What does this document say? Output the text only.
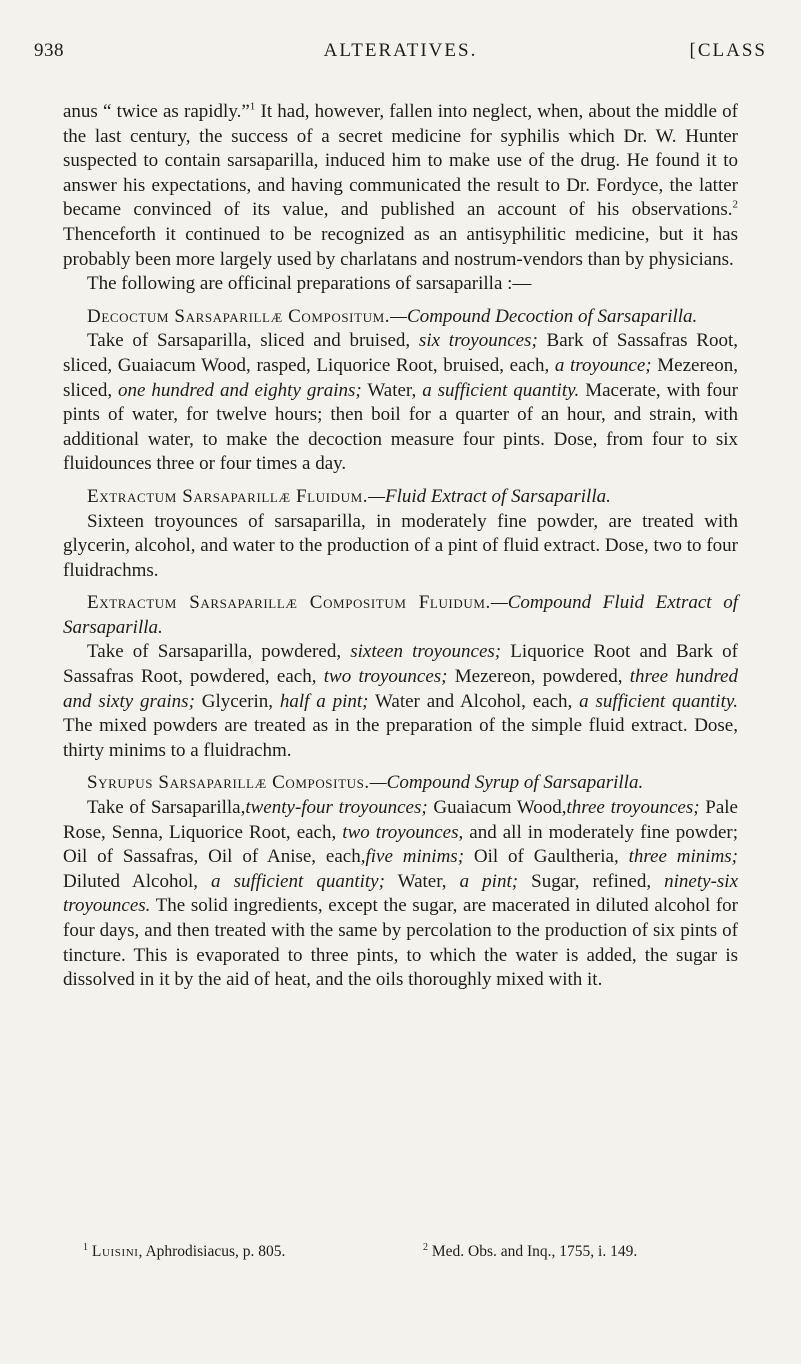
938	ALTERATIVES.	[CLASS

anus “ twice as rapidly.”$^1$ It had, however, fallen into neglect, when, about the middle of the last century, the success of a secret medicine for syphilis which Dr. W. Hunter suspected to contain sarsaparilla, induced him to make use of the drug. He found it to answer his expectations, and having communicated the result to Dr. Fordyce, the latter became convinced of its value, and published an account of his observations.$^2$ Thenceforth it continued to be recognized as an antisyphilitic medicine, but it has probably been more largely used by charlatans and nostrum-vendors than by physicians.

The following are officinal preparations of sarsaparilla :—

Decoctum Sarsaparillæ Compositum.—Compound Decoction of Sarsaparilla.

Take of Sarsaparilla, sliced and bruised, six troyounces; Bark of Sassafras Root, sliced, Guaiacum Wood, rasped, Liquorice Root, bruised, each, a troyounce; Mezereon, sliced, one hundred and eighty grains; Water, a sufficient quantity. Macerate, with four pints of water, for twelve hours; then boil for a quarter of an hour, and strain, with additional water, to make the decoction measure four pints. Dose, from four to six fluidounces three or four times a day.

Extractum Sarsaparillæ Fluidum.—Fluid Extract of Sarsaparilla.

Sixteen troyounces of sarsaparilla, in moderately fine powder, are treated with glycerin, alcohol, and water to the production of a pint of fluid extract. Dose, two to four fluidrachms.

Extractum Sarsaparillæ Compositum Fluidum.—Compound Fluid Extract of Sarsaparilla.

Take of Sarsaparilla, powdered, sixteen troyounces; Liquorice Root and Bark of Sassafras Root, powdered, each, two troyounces; Mezereon, powdered, three hundred and sixty grains; Glycerin, half a pint; Water and Alcohol, each, a sufficient quantity. The mixed powders are treated as in the preparation of the simple fluid extract. Dose, thirty minims to a fluidrachm.

Syrupus Sarsaparillæ Compositus.—Compound Syrup of Sarsaparilla.

Take of Sarsaparilla,twenty-four troyounces; Guaiacum Wood,three troyounces; Pale Rose, Senna, Liquorice Root, each, two troyounces, and all in moderately fine powder; Oil of Sassafras, Oil of Anise, each,five minims; Oil of Gaultheria, three minims; Diluted Alcohol, a sufficient quantity; Water, a pint; Sugar, refined, ninety-six troyounces. The solid ingredients, except the sugar, are macerated in diluted alcohol for four days, and then treated with the same by percolation to the production of six pints of tincture. This is evaporated to three pints, to which the water is added, the sugar is dissolved in it by the aid of heat, and the oils thoroughly mixed with it.

$^1$ Luisini, Aphrodisiacus, p. 805.	$^2$ Med. Obs. and Inq., 1755, i. 149.
